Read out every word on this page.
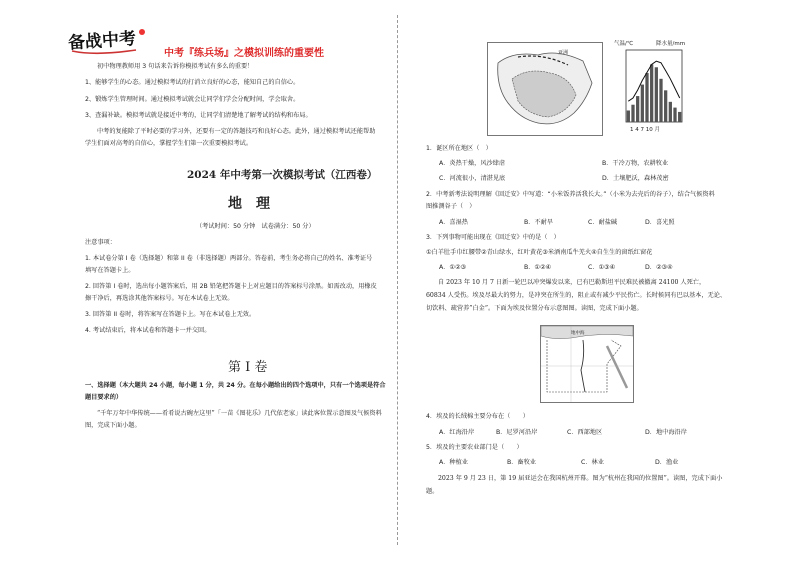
备战中考	中考『练兵场』之模拟训练的重要性
初中物理教师用 3 句话来告诉你模拟考试有多么的重要！
1、能够学生的心态。通过模拟考试的打消立良好的心态，能知自己的自信心。
2、锻炼学生管理时间。通过模拟考试就会让同学们学会分配时间，学会取舍。
3、查漏补缺。模拟考试就是接近中考的，让同学们清楚地了解考试的结构和布局。
中考的复能除了平时必要的学习外，还要有一定的答题技巧和良好心态。此外，通过模拟考试还能帮助
学生们面对高考的自信心，掌握学生们第一次重要模拟考试。
2024 年中考第一次模拟考试（江西卷）
地理
（考试时间：50 分钟　试卷满分：50 分）
注意事项：
1. 本试卷分第 I 卷（选择题）和第 II 卷（非选择题）两部分。答卷前，考生务必将自己的姓名、准考证号
填写在答题卡上。
2. 回答第 I 卷时，选出每小题答案后，用 2B 铅笔把答题卡上对应题目的答案标号涂黑。如需改动，用橡皮
擦干净后，再选涂其他答案标号。写在本试卷上无效。
3. 回答第 II 卷时，将答案写在答题卡上。写在本试卷上无效。
4. 考试结束后，将本试卷和答题卡一并交回。
第 I 卷
一、选择题（本大题共 24 小题，每小题 1 分，共 24 分。在每小题给出的四个选项中，只有一个选项是符合
题目要求的）
“千年万年中华传统——肴肴说古碗左这里”「一苗《图花乐》几代依老家」读此客位置示意图及气候资料
图，完成下面小题。
亚洲
气温/℃	降水量/mm
1 4 7 10 月
1．诞区所在地区（　）
A．炎热干燥，风沙肆虐	B．干冷万物，农耕牧业
C．河流很小，清湛见底	D．土壤肥沃，森林茂密
2．中考新考法说明理解《回迁安》中写道：“小米饭养活我长大。”（小米为去壳后的谷子），结合气候资料
图推测谷子（　）
A．喜湿热	B．不耐旱	C．耐盐碱	D．喜光照
3．下列事物可能出现在《回迁安》中的是（　）
①白羊肚手巾红腰带②青山绿水，红叶黄花③米酒南瓜牛羌火④自生生的窗纸红窗花
A．①②③	B．①②④	C．①③④	D．②③④
自 2023 年 10 月 7 日新一轮巴以冲突爆发以来，已有巴勒斯坦平民难民被撤离 24100 人死亡，
60834 人受伤。埃及尽最大的努力，是冲突在所生的，阻止或有减少平民伤亡。长时候同有巴以基本，无论、
切饮料、疏营养”白金”。下面为埃及位置分布示意图图。读图，完成下面小题。
地中海
4．埃及的长绒棉主要分布在（　　）
A．红海沿岸	B．尼罗河沿岸	C．西部地区	D．地中海沿岸
5．埃及的主要农业部门是（　　）
A．种植业	B．畜牧业	C．林业	D．渔业
2023 年 9 月 23 日，第 19 届亚运会在我国杭州开幕。图为“杭州在我国的位置图”。读图，完成下面小
题。
